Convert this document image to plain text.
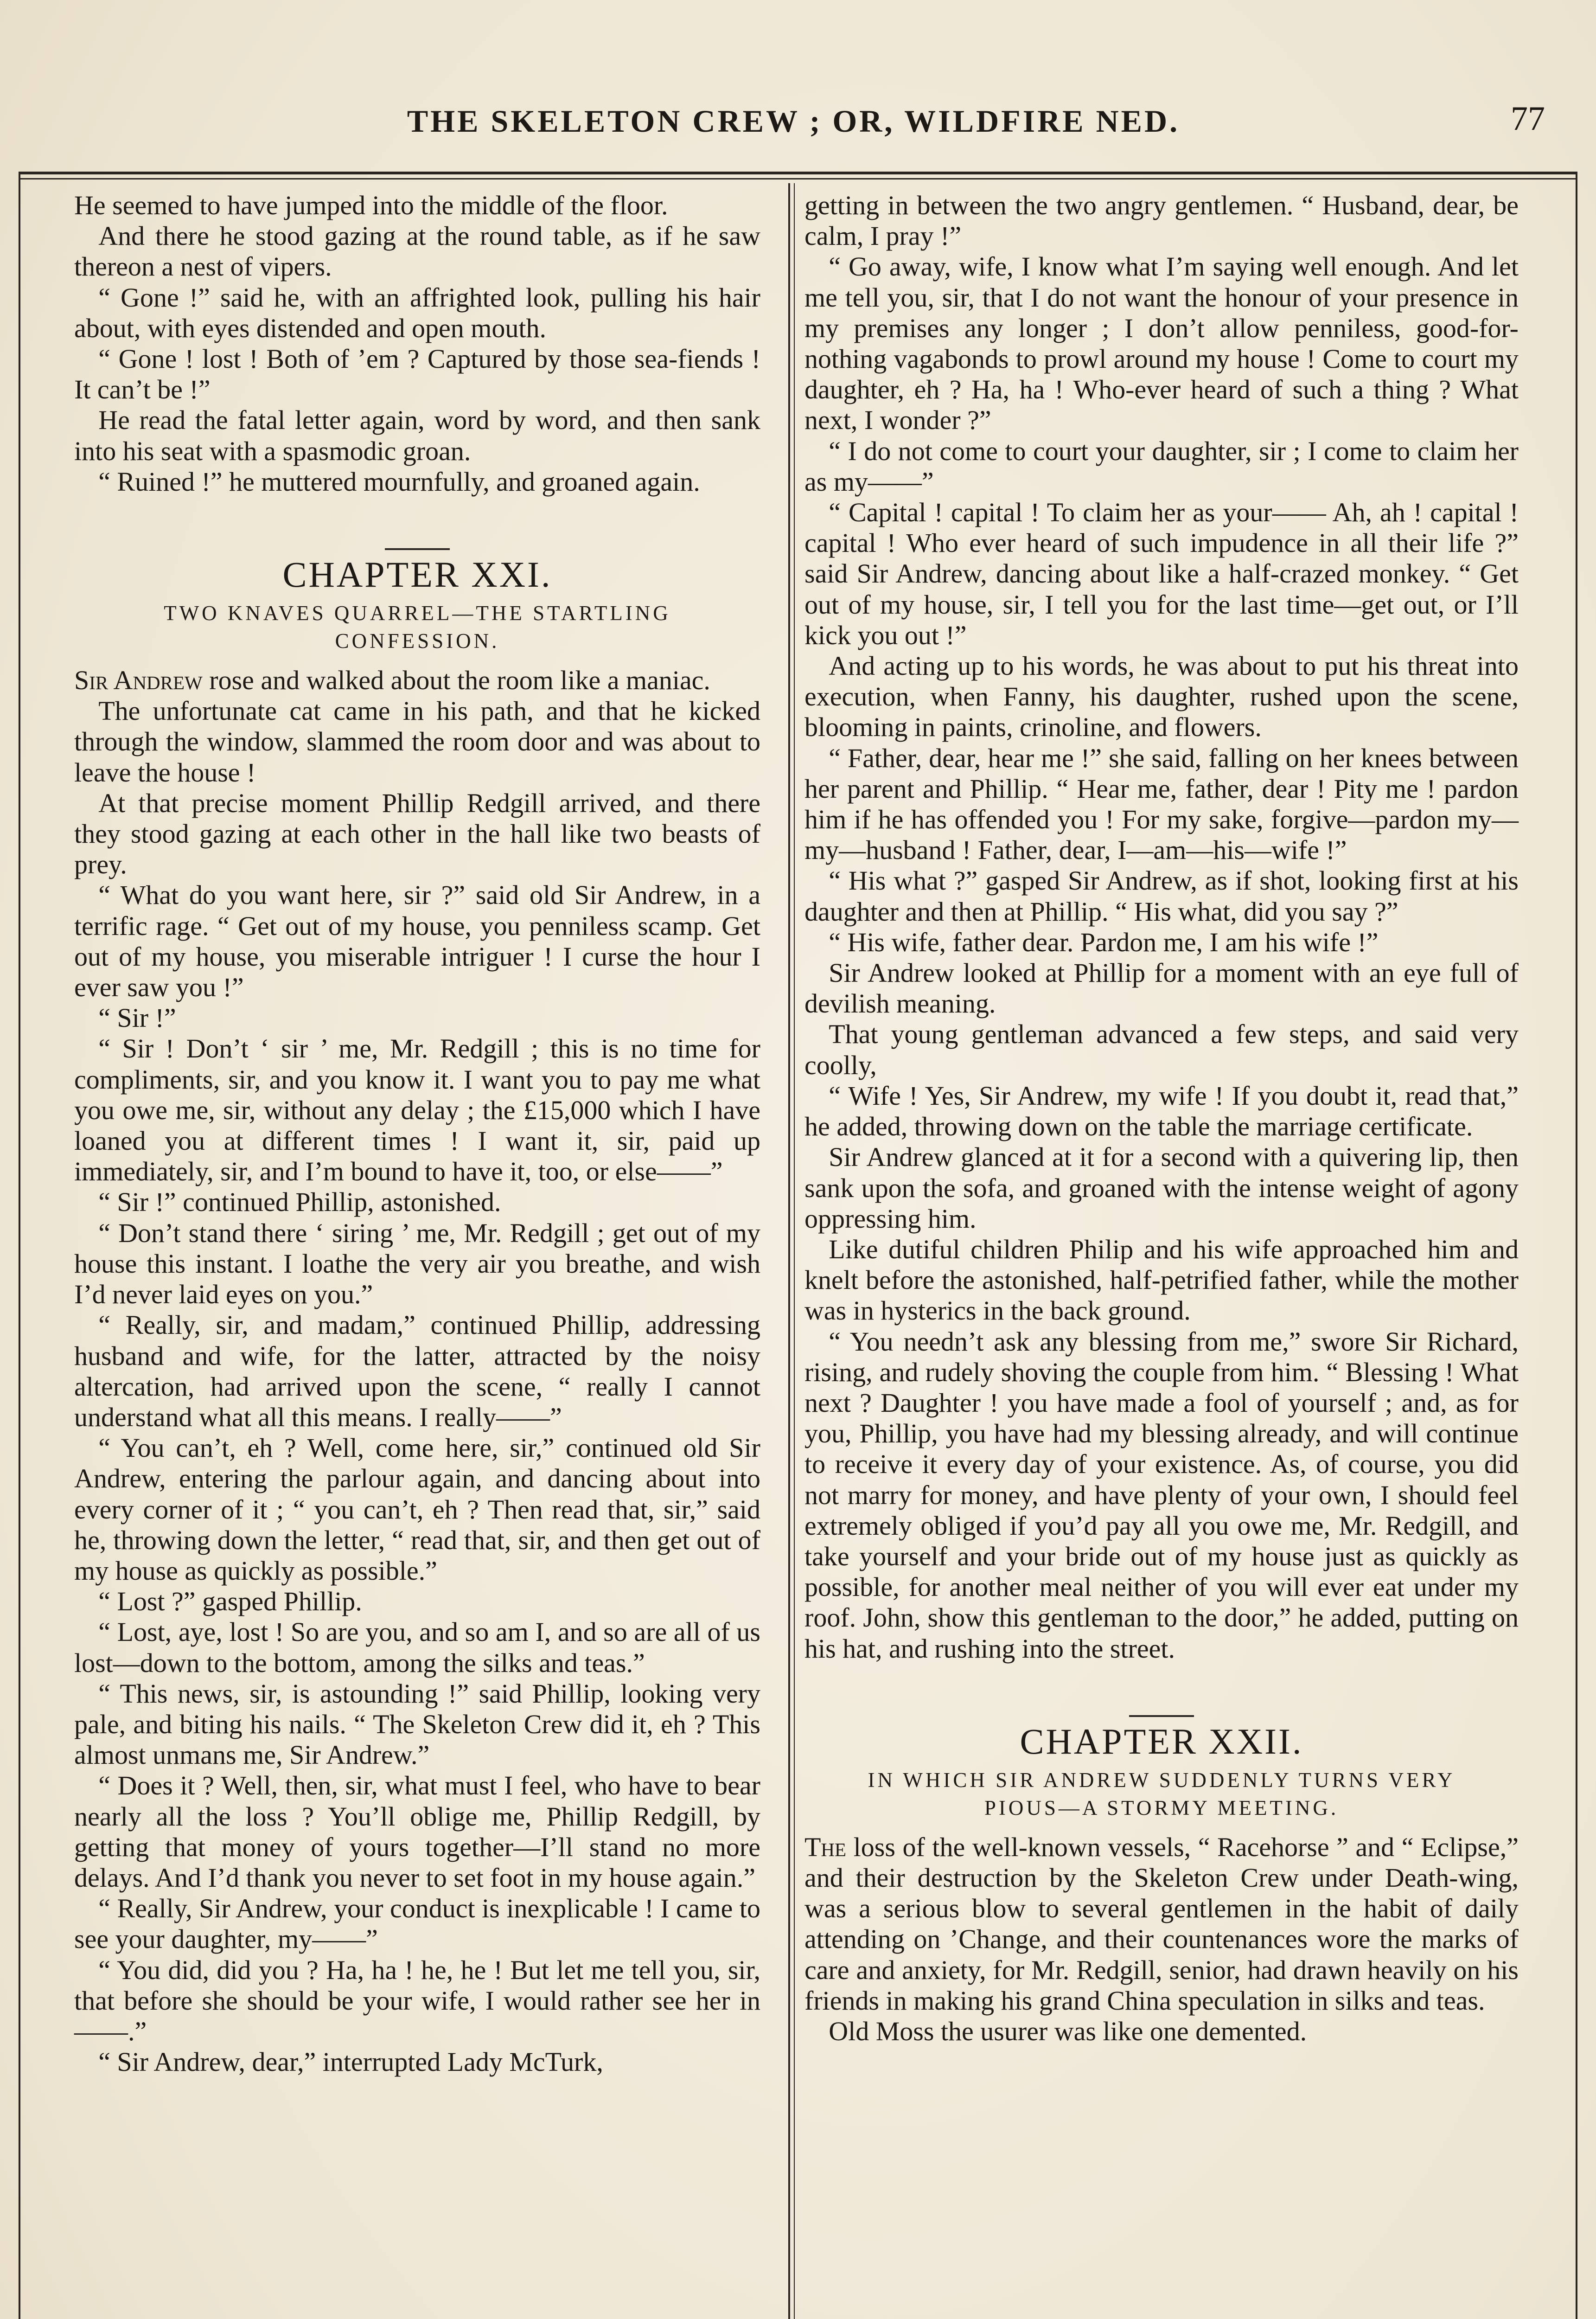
THE SKELETON CREW ; OR, WILDFIRE NED.	77

He seemed to have jumped into the middle of the floor.

And there he stood gazing at the round table, as if he saw thereon a nest of vipers.

“ Gone !” said he, with an affrighted look, pulling his hair about, with eyes distended and open mouth.

“ Gone ! lost ! Both of ’em ? Captured by those sea-fiends ! It can’t be !”

He read the fatal letter again, word by word, and then sank into his seat with a spasmodic groan.

“ Ruined !” he muttered mournfully, and groaned again.

CHAPTER XXI.
TWO KNAVES QUARREL—THE STARTLING CONFESSION.

Sir Andrew rose and walked about the room like a maniac.

The unfortunate cat came in his path, and that he kicked through the window, slammed the room door and was about to leave the house !

At that precise moment Phillip Redgill arrived, and there they stood gazing at each other in the hall like two beasts of prey.

“ What do you want here, sir ?” said old Sir Andrew, in a terrific rage. “ Get out of my house, you penniless scamp. Get out of my house, you miserable intriguer ! I curse the hour I ever saw you !”

“ Sir !”

“ Sir ! Don’t ‘ sir ’ me, Mr. Redgill ; this is no time for compliments, sir, and you know it. I want you to pay me what you owe me, sir, without any delay ; the £15,000 which I have loaned you at different times ! I want it, sir, paid up immediately, sir, and I’m bound to have it, too, or else——”

“ Sir !” continued Phillip, astonished.

“ Don’t stand there ‘ siring ’ me, Mr. Redgill ; get out of my house this instant. I loathe the very air you breathe, and wish I’d never laid eyes on you.”

“ Really, sir, and madam,” continued Phillip, addressing husband and wife, for the latter, attracted by the noisy altercation, had arrived upon the scene, “ really I cannot understand what all this means. I really——”

“ You can’t, eh ? Well, come here, sir,” continued old Sir Andrew, entering the parlour again, and dancing about into every corner of it ; “ you can’t, eh ? Then read that, sir,” said he, throwing down the letter, “ read that, sir, and then get out of my house as quickly as possible.”

“ Lost ?” gasped Phillip.

“ Lost, aye, lost ! So are you, and so am I, and so are all of us lost—down to the bottom, among the silks and teas.”

“ This news, sir, is astounding !” said Phillip, looking very pale, and biting his nails. “ The Skeleton Crew did it, eh ? This almost unmans me, Sir Andrew.”

“ Does it ? Well, then, sir, what must I feel, who have to bear nearly all the loss ? You’ll oblige me, Phillip Redgill, by getting that money of yours together—I’ll stand no more delays. And I’d thank you never to set foot in my house again.”

“ Really, Sir Andrew, your conduct is inexplicable ! I came to see your daughter, my——”

“ You did, did you ? Ha, ha ! he, he ! But let me tell you, sir, that before she should be your wife, I would rather see her in ——.”

“ Sir Andrew, dear,” interrupted Lady McTurk,

getting in between the two angry gentlemen. “ Husband, dear, be calm, I pray !”

“ Go away, wife, I know what I’m saying well enough. And let me tell you, sir, that I do not want the honour of your presence in my premises any longer ; I don’t allow penniless, good-for-nothing vagabonds to prowl around my house ! Come to court my daughter, eh ? Ha, ha ! Who-ever heard of such a thing ? What next, I wonder ?”

“ I do not come to court your daughter, sir ; I come to claim her as my——”

“ Capital ! capital ! To claim her as your—— Ah, ah ! capital ! capital ! Who ever heard of such impudence in all their life ?” said Sir Andrew, dancing about like a half-crazed monkey. “ Get out of my house, sir, I tell you for the last time—get out, or I’ll kick you out !”

And acting up to his words, he was about to put his threat into execution, when Fanny, his daughter, rushed upon the scene, blooming in paints, crinoline, and flowers.

“ Father, dear, hear me !” she said, falling on her knees between her parent and Phillip. “ Hear me, father, dear ! Pity me ! pardon him if he has offended you ! For my sake, forgive—pardon my—my—husband ! Father, dear, I—am—his—wife !”

“ His what ?” gasped Sir Andrew, as if shot, looking first at his daughter and then at Phillip. “ His what, did you say ?”

“ His wife, father dear. Pardon me, I am his wife !”

Sir Andrew looked at Phillip for a moment with an eye full of devilish meaning.

That young gentleman advanced a few steps, and said very coolly,

“ Wife ! Yes, Sir Andrew, my wife ! If you doubt it, read that,” he added, throwing down on the table the marriage certificate.

Sir Andrew glanced at it for a second with a quivering lip, then sank upon the sofa, and groaned with the intense weight of agony oppressing him.

Like dutiful children Philip and his wife approached him and knelt before the astonished, half-petrified father, while the mother was in hysterics in the back ground.

“ You needn’t ask any blessing from me,” swore Sir Richard, rising, and rudely shoving the couple from him. “ Blessing ! What next ? Daughter ! you have made a fool of yourself ; and, as for you, Phillip, you have had my blessing already, and will continue to receive it every day of your existence. As, of course, you did not marry for money, and have plenty of your own, I should feel extremely obliged if you’d pay all you owe me, Mr. Redgill, and take yourself and your bride out of my house just as quickly as possible, for another meal neither of you will ever eat under my roof. John, show this gentleman to the door,” he added, putting on his hat, and rushing into the street.

CHAPTER XXII.
IN WHICH SIR ANDREW SUDDENLY TURNS VERY PIOUS—A STORMY MEETING.

The loss of the well-known vessels, “ Racehorse ” and “ Eclipse,” and their destruction by the Skeleton Crew under Death-wing, was a serious blow to several gentlemen in the habit of daily attending on ’Change, and their countenances wore the marks of care and anxiety, for Mr. Redgill, senior, had drawn heavily on his friends in making his grand China speculation in silks and teas.

Old Moss the usurer was like one demented.
